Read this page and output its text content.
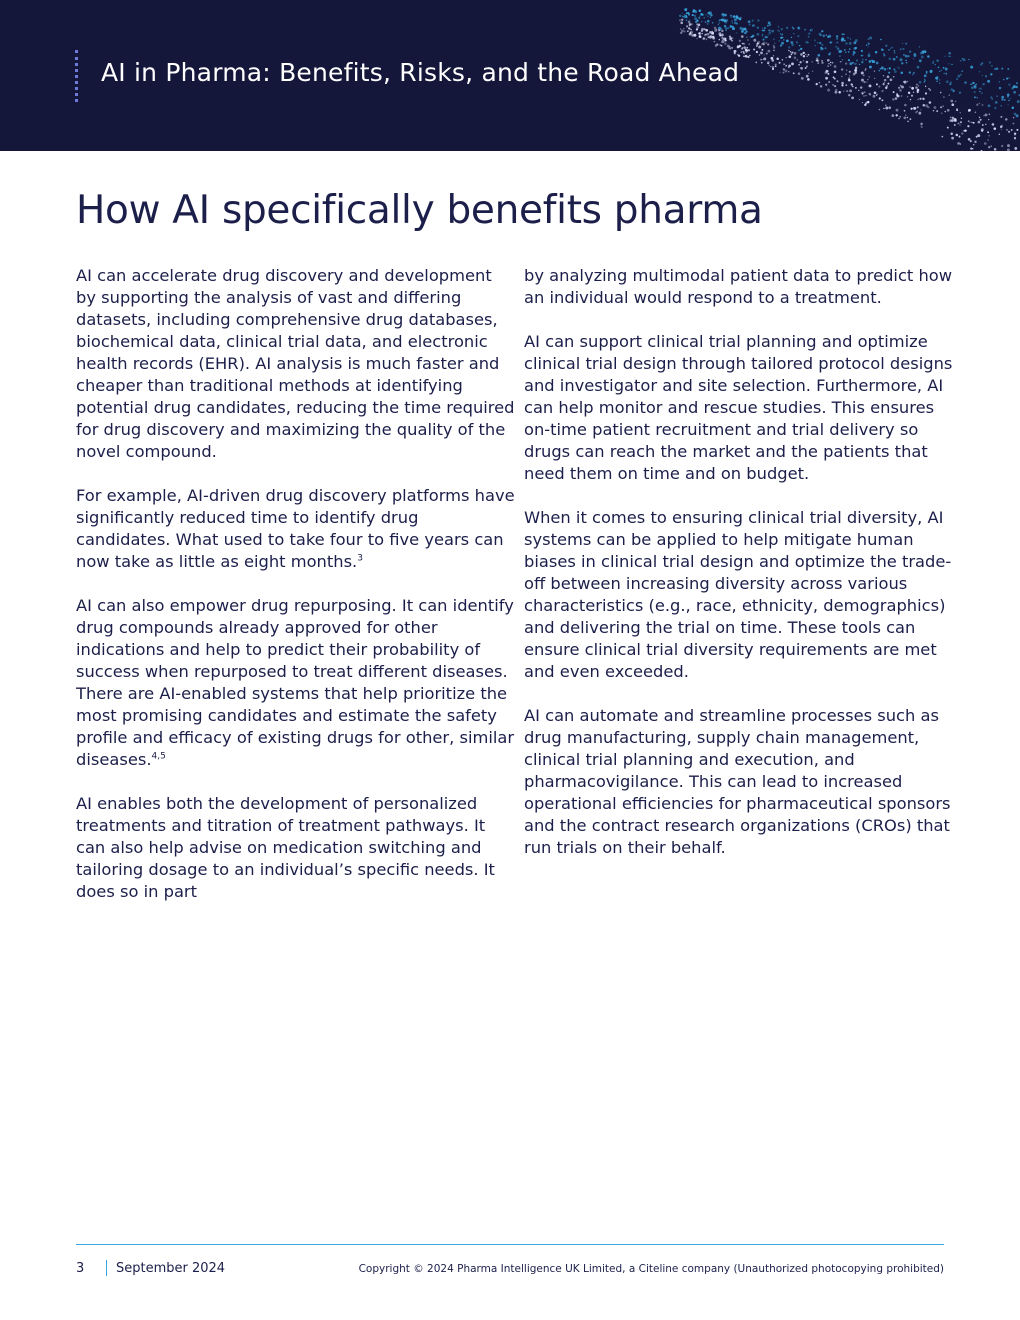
AI in Pharma: Benefits, Risks, and the Road Ahead
How AI specifically benefits pharma

AI can accelerate drug discovery and development by supporting the analysis of vast and differing datasets, including comprehensive drug databases, biochemical data, clinical trial data, and electronic health records (EHR). AI analysis is much faster and cheaper than traditional methods at identifying potential drug candidates, reducing the time required for drug discovery and maximizing the quality of the novel compound.

For example, AI-driven drug discovery platforms have significantly reduced time to identify drug candidates. What used to take four to five years can now take as little as eight months.$^3$

AI can also empower drug repurposing. It can identify drug compounds already approved for other indications and help to predict their probability of success when repurposed to treat different diseases. There are AI-enabled systems that help prioritize the most promising candidates and estimate the safety profile and efficacy of existing drugs for other, similar diseases.$^{4,5}$

AI enables both the development of personalized treatments and titration of treatment pathways. It can also help advise on medication switching and tailoring dosage to an individual’s specific needs. It does so in part

by analyzing multimodal patient data to predict how an individual would respond to a treatment.

AI can support clinical trial planning and optimize clinical trial design through tailored protocol designs and investigator and site selection. Furthermore, AI can help monitor and rescue studies. This ensures on-time patient recruitment and trial delivery so drugs can reach the market and the patients that need them on time and on budget.

When it comes to ensuring clinical trial diversity, AI systems can be applied to help mitigate human biases in clinical trial design and optimize the trade-off between increasing diversity across various characteristics (e.g., race, ethnicity, demographics) and delivering the trial on time. These tools can ensure clinical trial diversity requirements are met and even exceeded.

AI can automate and streamline processes such as drug manufacturing, supply chain management, clinical trial planning and execution, and pharmacovigilance. This can lead to increased operational efficiencies for pharmaceutical sponsors and the contract research organizations (CROs) that run trials on their behalf.

3 September 2024	Copyright © 2024 Pharma Intelligence UK Limited, a Citeline company (Unauthorized photocopying prohibited)
